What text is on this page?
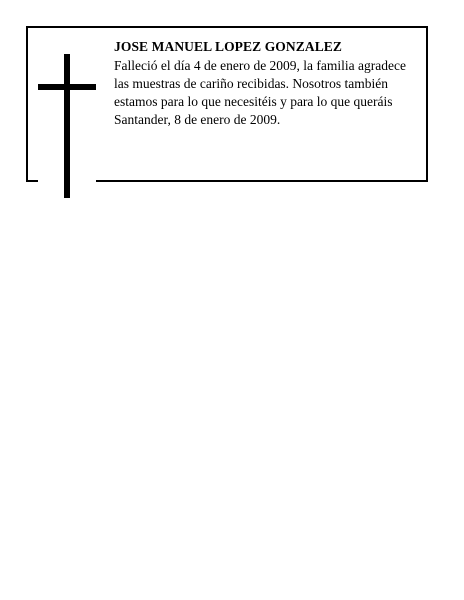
JOSE MANUEL LOPEZ GONZALEZ

Falleció el día 4 de enero de 2009, la familia agradece

las muestras de cariño recibidas. Nosotros también

estamos para lo que necesitéis y para lo que queráis

Santander, 8 de enero de 2009.
